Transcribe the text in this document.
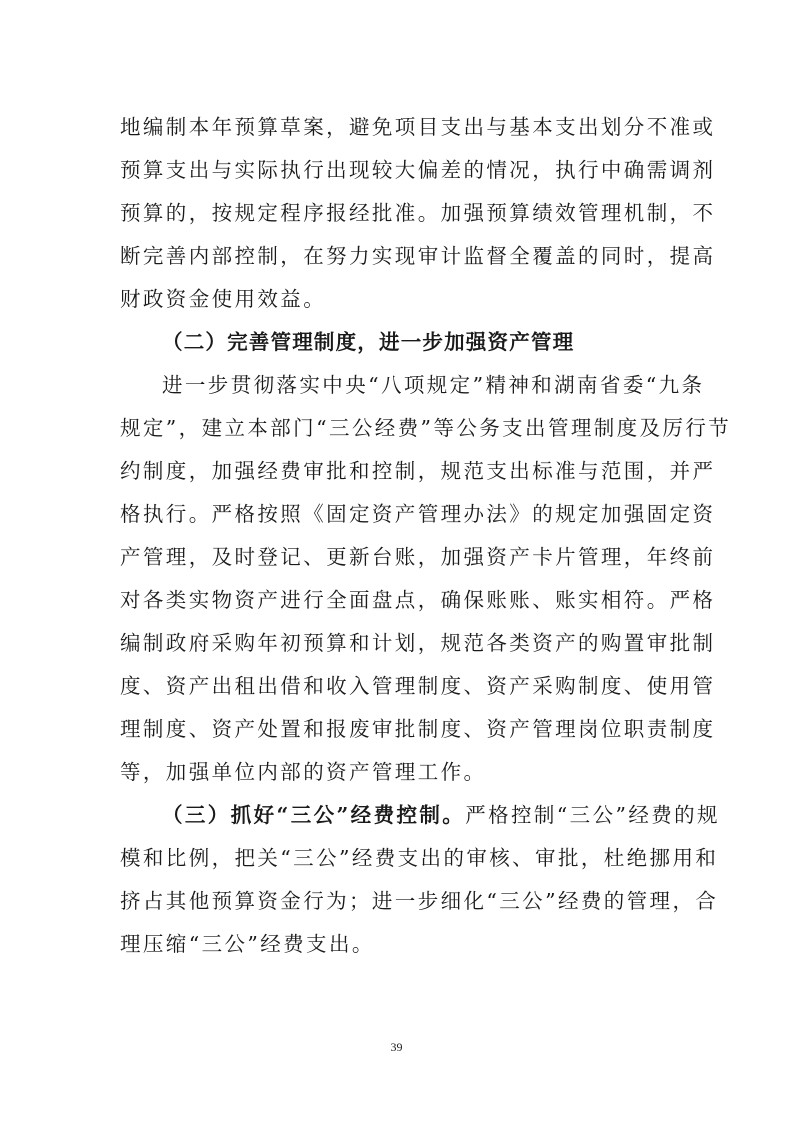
地编制本年预算草案，避免项目支出与基本支出划分不准或
预算支出与实际执行出现较大偏差的情况，执行中确需调剂
预算的，按规定程序报经批准。加强预算绩效管理机制，不
断完善内部控制，在努力实现审计监督全覆盖的同时，提高
财政资金使用效益。
（二）完善管理制度，进一步加强资产管理
进一步贯彻落实中央“八项规定”精神和湖南省委“九条
规定”，建立本部门“三公经费”等公务支出管理制度及厉行节
约制度，加强经费审批和控制，规范支出标准与范围，并严
格执行。严格按照《固定资产管理办法》的规定加强固定资
产管理，及时登记、更新台账，加强资产卡片管理，年终前
对各类实物资产进行全面盘点，确保账账、账实相符。严格
编制政府采购年初预算和计划，规范各类资产的购置审批制
度、资产出租出借和收入管理制度、资产采购制度、使用管
理制度、资产处置和报废审批制度、资产管理岗位职责制度
等，加强单位内部的资产管理工作。
（三）抓好“三公”经费控制。严格控制“三公”经费的规
模和比例，把关“三公”经费支出的审核、审批，杜绝挪用和
挤占其他预算资金行为；进一步细化“三公”经费的管理，合
理压缩“三公”经费支出。
39
